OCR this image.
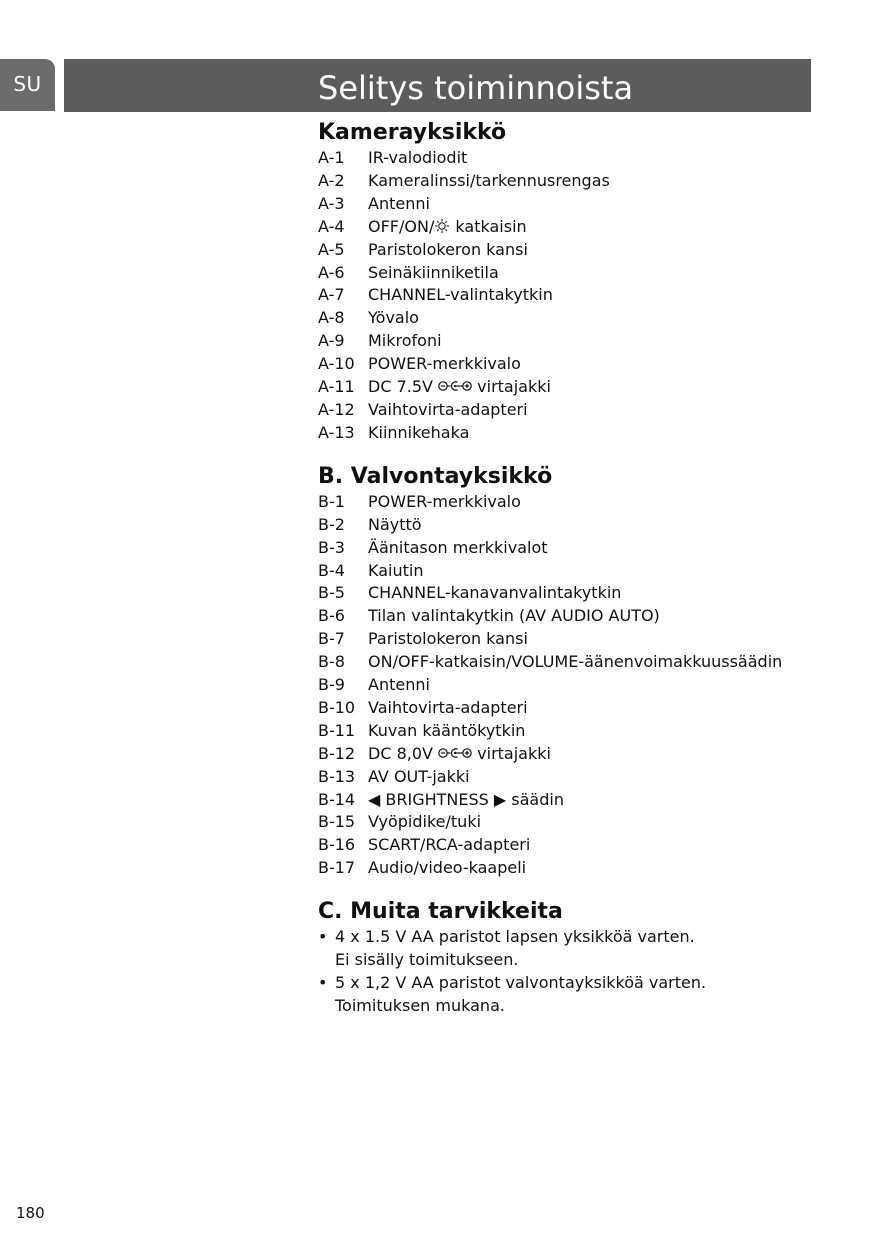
SU	Selitys toiminnoista
Kamerayksikkö
A-1	IR-valodiodit
A-2	Kameralinssi/tarkennusrengas
A-3	Antenni
A-4	OFF/ON/ katkaisin
A-5	Paristolokeron kansi
A-6	Seinäkiinniketila
A-7	CHANNEL-valintakytkin
A-8	Yövalo
A-9	Mikrofoni
A-10 POWER-merkkivalo
A-11 DC 7.5V  virtajakki
A-12 Vaihtovirta-adapteri
A-13 Kiinnikehaka
B. Valvontayksikkö
B-1	POWER-merkkivalo
B-2	Näyttö
B-3	Äänitason merkkivalot
B-4	Kaiutin
B-5	CHANNEL-kanavanvalintakytkin
B-6	Tilan valintakytkin (AV AUDIO AUTO)
B-7	Paristolokeron kansi
B-8	ON/OFF-katkaisin/VOLUME-äänenvoimakkuussäädin
B-9	Antenni
B-10 Vaihtovirta-adapteri
B-11 Kuvan kääntökytkin
B-12 DC 8,0V  virtajakki
B-13 AV OUT-jakki
B-14 ◀ BRIGHTNESS ▶ säädin
B-15 Vyöpidike/tuki
B-16 SCART/RCA-adapteri
B-17 Audio/video-kaapeli
C. Muita tarvikkeita
• 4 x 1.5 V AA paristot lapsen yksikköä varten.
Ei sisälly toimitukseen.
• 5 x 1,2 V AA paristot valvontayksikköä varten.
Toimituksen mukana.
180
